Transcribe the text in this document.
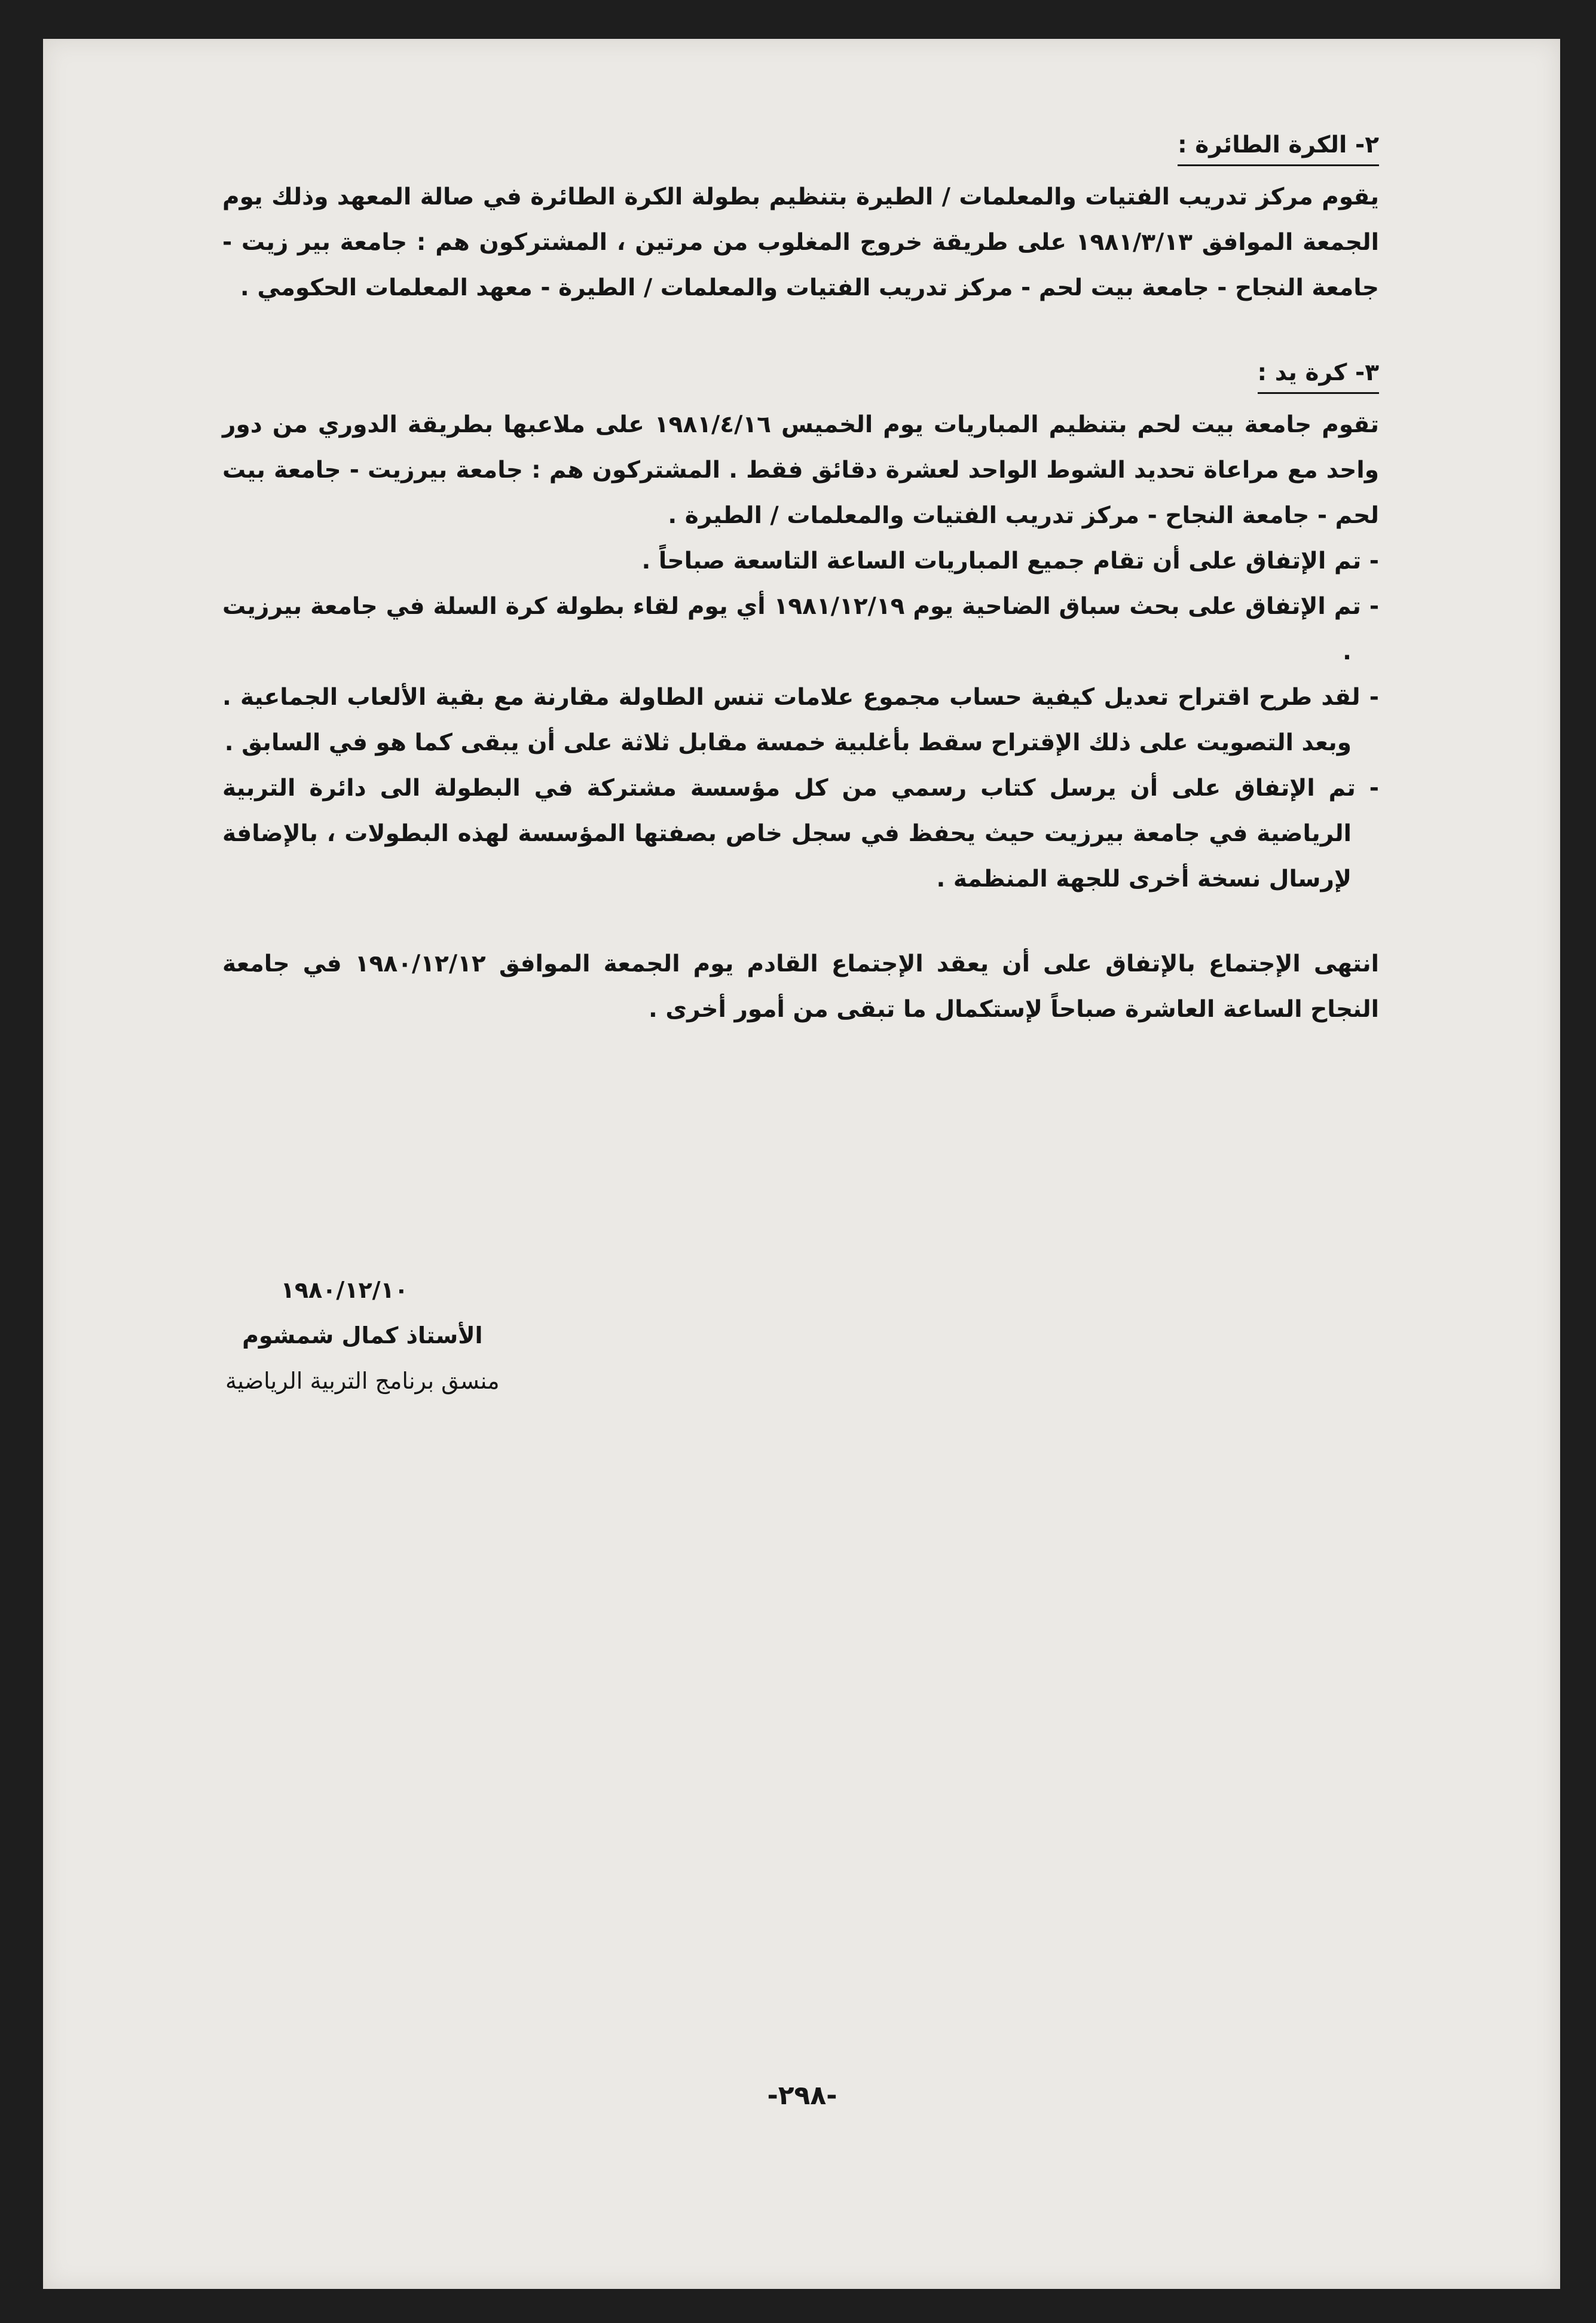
٢- الكرة الطائرة :

يقوم مركز تدريب الفتيات والمعلمات / الطيرة بتنظيم بطولة الكرة الطائرة في صالة المعهد وذلك يوم الجمعة الموافق ١٩٨١/٣/١٣ على طريقة خروج المغلوب من مرتين ، المشتركون هم : جامعة بير زيت - جامعة النجاح - جامعة بيت لحم - مركز تدريب الفتيات والمعلمات / الطيرة - معهد المعلمات الحكومي .

٣- كرة يد :

تقوم جامعة بيت لحم بتنظيم المباريات يوم الخميس ١٩٨١/٤/١٦ على ملاعبها بطريقة الدوري من دور واحد مع مراعاة تحديد الشوط الواحد لعشرة دقائق فقط . المشتركون هم : جامعة بيرزيت - جامعة بيت لحم - جامعة النجاح - مركز تدريب الفتيات والمعلمات / الطيرة .

- تم الإتفاق على أن تقام جميع المباريات الساعة التاسعة صباحاً .

- تم الإتفاق على بحث سباق الضاحية يوم ١٩٨١/١٢/١٩ أي يوم لقاء بطولة كرة السلة في جامعة بيرزيت .

- لقد طرح اقتراح تعديل كيفية حساب مجموع علامات تنس الطاولة مقارنة مع بقية الألعاب الجماعية . وبعد التصويت على ذلك الإقتراح سقط بأغلبية خمسة مقابل ثلاثة على أن يبقى كما هو في السابق .

- تم الإتفاق على أن يرسل كتاب رسمي من كل مؤسسة مشتركة في البطولة الى دائرة التربية الرياضية في جامعة بيرزيت حيث يحفظ في سجل خاص بصفتها المؤسسة لهذه البطولات ، بالإضافة لإرسال نسخة أخرى للجهة المنظمة .

انتهى الإجتماع بالإتفاق على أن يعقد الإجتماع القادم يوم الجمعة الموافق ١٩٨٠/١٢/١٢ في جامعة النجاح الساعة العاشرة صباحاً لإستكمال ما تبقى من أمور أخرى .

١٩٨٠/١٢/١٠
الأستاذ كمال شمشوم
منسق برنامج التربية الرياضية
-٢٩٨-
